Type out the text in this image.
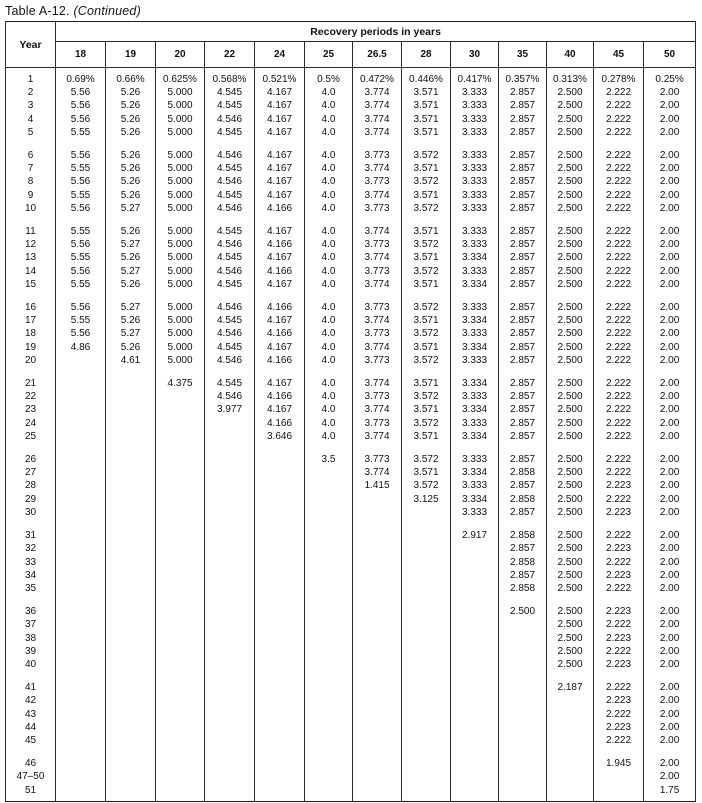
Table A-12. (Continued)
Year	Recovery periods in years												
	18	19	20	22	24	25	26.5	28	30	35	40	45	50

1	0.69%	0.66%	0.625%	0.568%	0.521%	0.5%	0.472%	0.446%	0.417%	0.357%	0.313%	0.278%	0.25%
2	5.56	5.26	5.000	4.545	4.167	4.0	3.774	3.571	3.333	2.857	2.500	2.222	2.00
3	5.56	5.26	5.000	4.545	4.167	4.0	3.774	3.571	3.333	2.857	2.500	2.222	2.00
4	5.56	5.26	5.000	4.546	4.167	4.0	3.774	3.571	3.333	2.857	2.500	2.222	2.00
5	5.55	5.26	5.000	4.545	4.167	4.0	3.774	3.571	3.333	2.857	2.500	2.222	2.00

6	5.56	5.26	5.000	4.546	4.167	4.0	3.773	3.572	3.333	2.857	2.500	2.222	2.00
7	5.55	5.26	5.000	4.545	4.167	4.0	3.774	3.571	3.333	2.857	2.500	2.222	2.00
8	5.56	5.26	5.000	4.546	4.167	4.0	3.773	3.572	3.333	2.857	2.500	2.222	2.00
9	5.55	5.26	5.000	4.545	4.167	4.0	3.774	3.571	3.333	2.857	2.500	2.222	2.00
10	5.56	5.27	5.000	4.546	4.166	4.0	3.773	3.572	3.333	2.857	2.500	2.222	2.00

11	5.55	5.26	5.000	4.545	4.167	4.0	3.774	3.571	3.333	2.857	2.500	2.222	2.00
12	5.56	5.27	5.000	4.546	4.166	4.0	3.773	3.572	3.333	2.857	2.500	2.222	2.00
13	5.55	5.26	5.000	4.545	4.167	4.0	3.774	3.571	3.334	2.857	2.500	2.222	2.00
14	5.56	5.27	5.000	4.546	4.166	4.0	3.773	3.572	3.333	2.857	2.500	2.222	2.00
15	5.55	5.26	5.000	4.545	4.167	4.0	3.774	3.571	3.334	2.857	2.500	2.222	2.00

16	5.56	5.27	5.000	4.546	4.166	4.0	3.773	3.572	3.333	2.857	2.500	2.222	2.00
17	5.55	5.26	5.000	4.545	4.167	4.0	3.774	3.571	3.334	2.857	2.500	2.222	2.00
18	5.56	5.27	5.000	4.546	4.166	4.0	3.773	3.572	3.333	2.857	2.500	2.222	2.00
19	4.86	5.26	5.000	4.545	4.167	4.0	3.774	3.571	3.334	2.857	2.500	2.222	2.00
20		4.61	5.000	4.546	4.166	4.0	3.773	3.572	3.333	2.857	2.500	2.222	2.00

21			4.375	4.545	4.167	4.0	3.774	3.571	3.334	2.857	2.500	2.222	2.00
22				4.546	4.166	4.0	3.773	3.572	3.333	2.857	2.500	2.222	2.00
23				3.977	4.167	4.0	3.774	3.571	3.334	2.857	2.500	2.222	2.00
24					4.166	4.0	3.773	3.572	3.333	2.857	2.500	2.222	2.00
25					3.646	4.0	3.774	3.571	3.334	2.857	2.500	2.222	2.00

26						3.5	3.773	3.572	3.333	2.857	2.500	2.222	2.00
27							3.774	3.571	3.334	2.858	2.500	2.222	2.00
28							1.415	3.572	3.333	2.857	2.500	2.223	2.00
29								3.125	3.334	2.858	2.500	2.222	2.00
30									3.333	2.857	2.500	2.223	2.00

31									2.917	2.858	2.500	2.222	2.00
32										2.857	2.500	2.223	2.00
33										2.858	2.500	2.222	2.00
34										2.857	2.500	2.223	2.00
35										2.858	2.500	2.222	2.00

36										2.500	2.500	2.223	2.00
37											2.500	2.222	2.00
38											2.500	2.223	2.00
39											2.500	2.222	2.00
40											2.500	2.223	2.00

41											2.187	2.222	2.00
42												2.223	2.00
43												2.222	2.00
44												2.223	2.00
45												2.222	2.00

46												1.945	2.00
47–50													2.00
51													1.75
